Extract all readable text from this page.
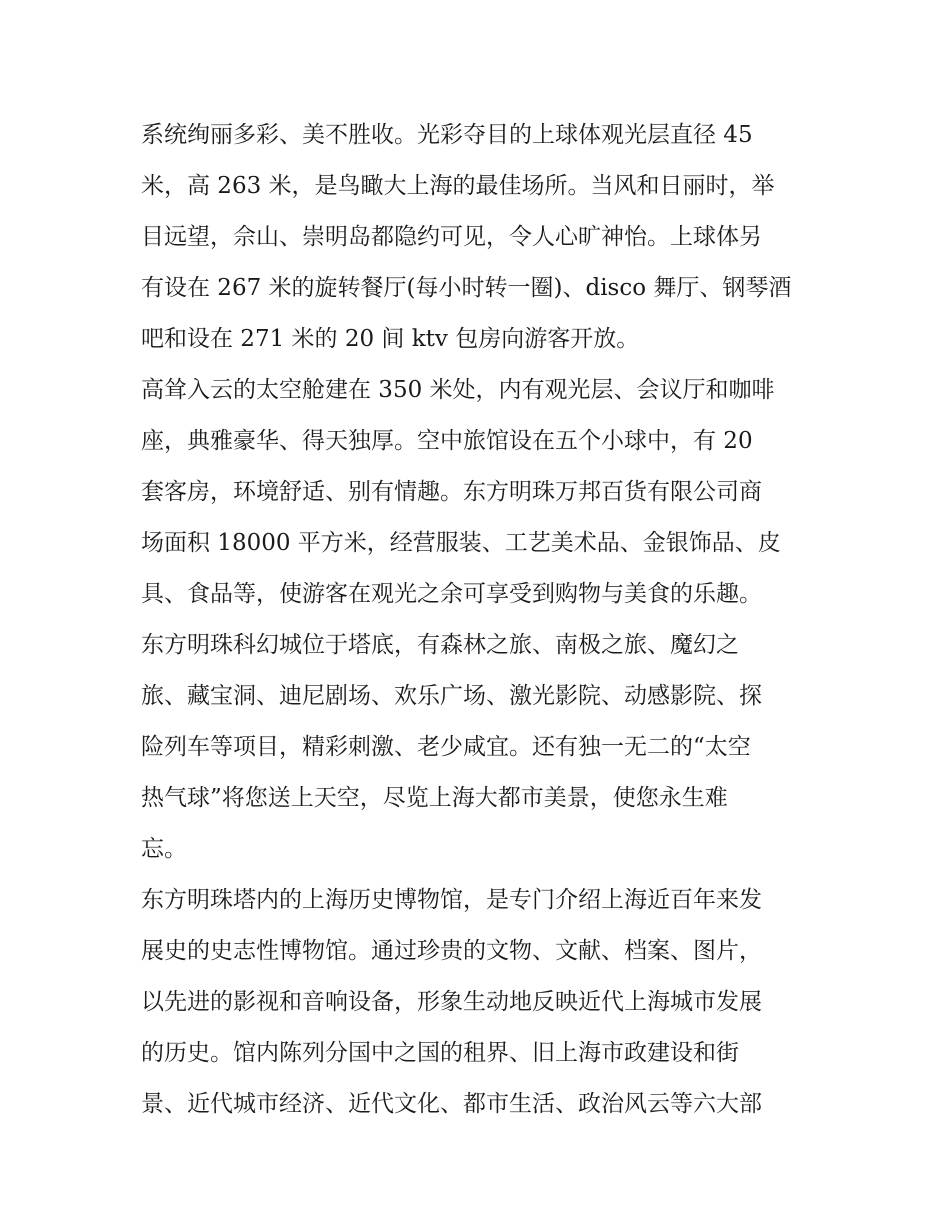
系统绚丽多彩、美不胜收。光彩夺目的上球体观光层直径 45
米，高 263 米，是鸟瞰大上海的最佳场所。当风和日丽时，举
目远望，佘山、崇明岛都隐约可见，令人心旷神怡。上球体另
有设在 267 米的旋转餐厅(每小时转一圈)、disco 舞厅、钢琴酒
吧和设在 271 米的 20 间 ktv 包房向游客开放。
高耸入云的太空舱建在 350 米处，内有观光层、会议厅和咖啡
座，典雅豪华、得天独厚。空中旅馆设在五个小球中，有 20
套客房，环境舒适、别有情趣。东方明珠万邦百货有限公司商
场面积 18000 平方米，经营服装、工艺美术品、金银饰品、皮
具、食品等，使游客在观光之余可享受到购物与美食的乐趣。
东方明珠科幻城位于塔底，有森林之旅、南极之旅、魔幻之
旅、藏宝洞、迪尼剧场、欢乐广场、激光影院、动感影院、探
险列车等项目，精彩刺激、老少咸宜。还有独一无二的“太空
热气球”将您送上天空，尽览上海大都市美景，使您永生难
忘。
东方明珠塔内的上海历史博物馆，是专门介绍上海近百年来发
展史的史志性博物馆。通过珍贵的文物、文献、档案、图片，
以先进的影视和音响设备，形象生动地反映近代上海城市发展
的历史。馆内陈列分国中之国的租界、旧上海市政建设和街
景、近代城市经济、近代文化、都市生活、政治风云等六大部
